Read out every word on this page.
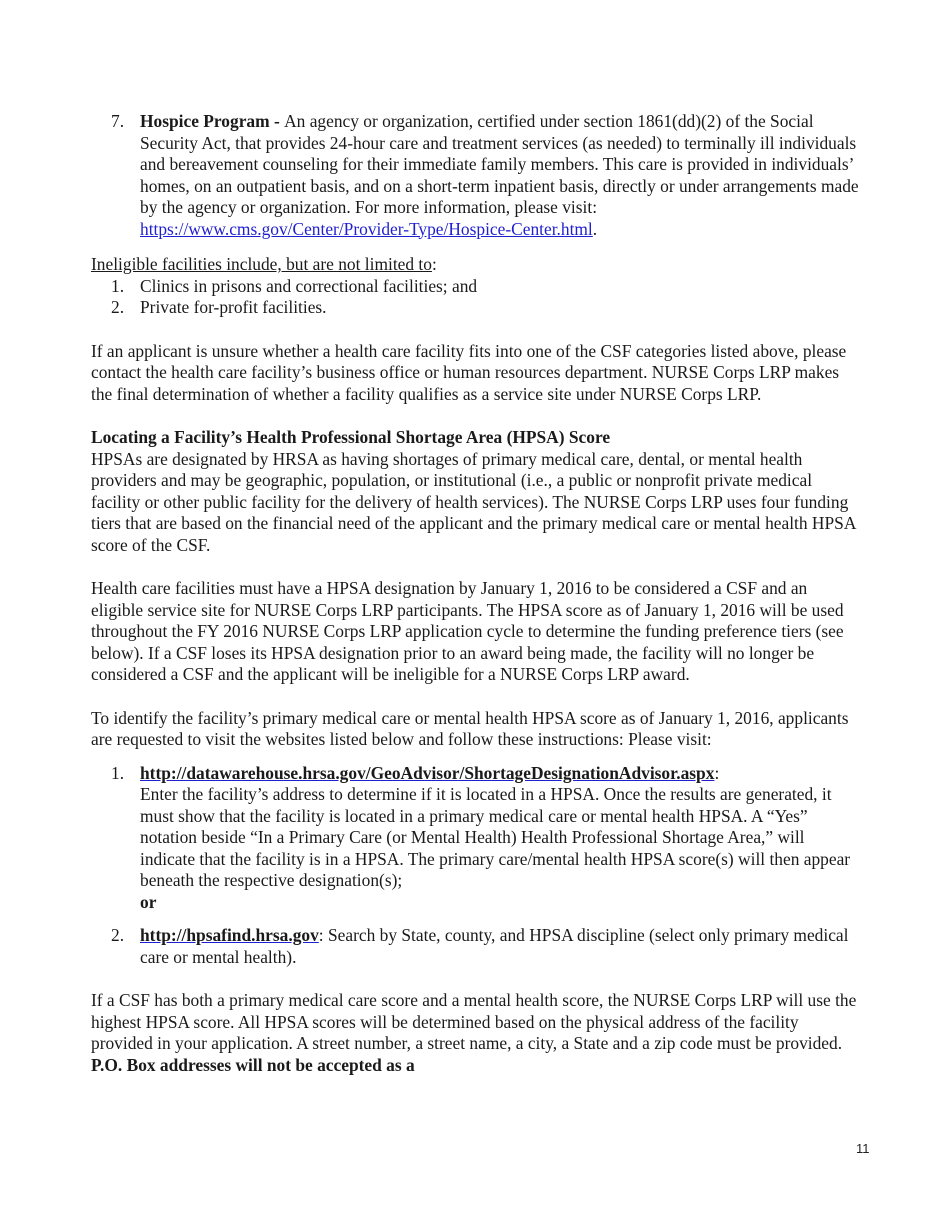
7. Hospice Program - An agency or organization, certified under section 1861(dd)(2) of the Social Security Act, that provides 24-hour care and treatment services (as needed) to terminally ill individuals and bereavement counseling for their immediate family members. This care is provided in individuals’ homes, on an outpatient basis, and on a short-term inpatient basis, directly or under arrangements made by the agency or organization. For more information, please visit: https://www.cms.gov/Center/Provider-Type/Hospice-Center.html.
Ineligible facilities include, but are not limited to:
1. Clinics in prisons and correctional facilities; and
2. Private for-profit facilities.

If an applicant is unsure whether a health care facility fits into one of the CSF categories listed above, please contact the health care facility’s business office or human resources department. NURSE Corps LRP makes the final determination of whether a facility qualifies as a service site under NURSE Corps LRP.

Locating a Facility’s Health Professional Shortage Area (HPSA) Score

HPSAs are designated by HRSA as having shortages of primary medical care, dental, or mental health providers and may be geographic, population, or institutional (i.e., a public or nonprofit private medical facility or other public facility for the delivery of health services). The NURSE Corps LRP uses four funding tiers that are based on the financial need of the applicant and the primary medical care or mental health HPSA score of the CSF.

Health care facilities must have a HPSA designation by January 1, 2016 to be considered a CSF and an eligible service site for NURSE Corps LRP participants. The HPSA score as of January 1, 2016 will be used throughout the FY 2016 NURSE Corps LRP application cycle to determine the funding preference tiers (see below). If a CSF loses its HPSA designation prior to an award being made, the facility will no longer be considered a CSF and the applicant will be ineligible for a NURSE Corps LRP award.

To identify the facility’s primary medical care or mental health HPSA score as of January 1, 2016, applicants are requested to visit the websites listed below and follow these instructions: Please visit:

1. http://datawarehouse.hrsa.gov/GeoAdvisor/ShortageDesignationAdvisor.aspx:
Enter the facility’s address to determine if it is located in a HPSA. Once the results are generated, it must show that the facility is located in a primary medical care or mental health HPSA. A “Yes” notation beside “In a Primary Care (or Mental Health) Health Professional Shortage Area,” will indicate that the facility is in a HPSA. The primary care/mental health HPSA score(s) will then appear beneath the respective designation(s);
or
2. http://hpsafind.hrsa.gov: Search by State, county, and HPSA discipline (select only primary medical care or mental health).

If a CSF has both a primary medical care score and a mental health score, the NURSE Corps LRP will use the highest HPSA score. All HPSA scores will be determined based on the physical address of the facility provided in your application. A street number, a street name, a city, a State and a zip code must be provided. P.O. Box addresses will not be accepted as a

11
